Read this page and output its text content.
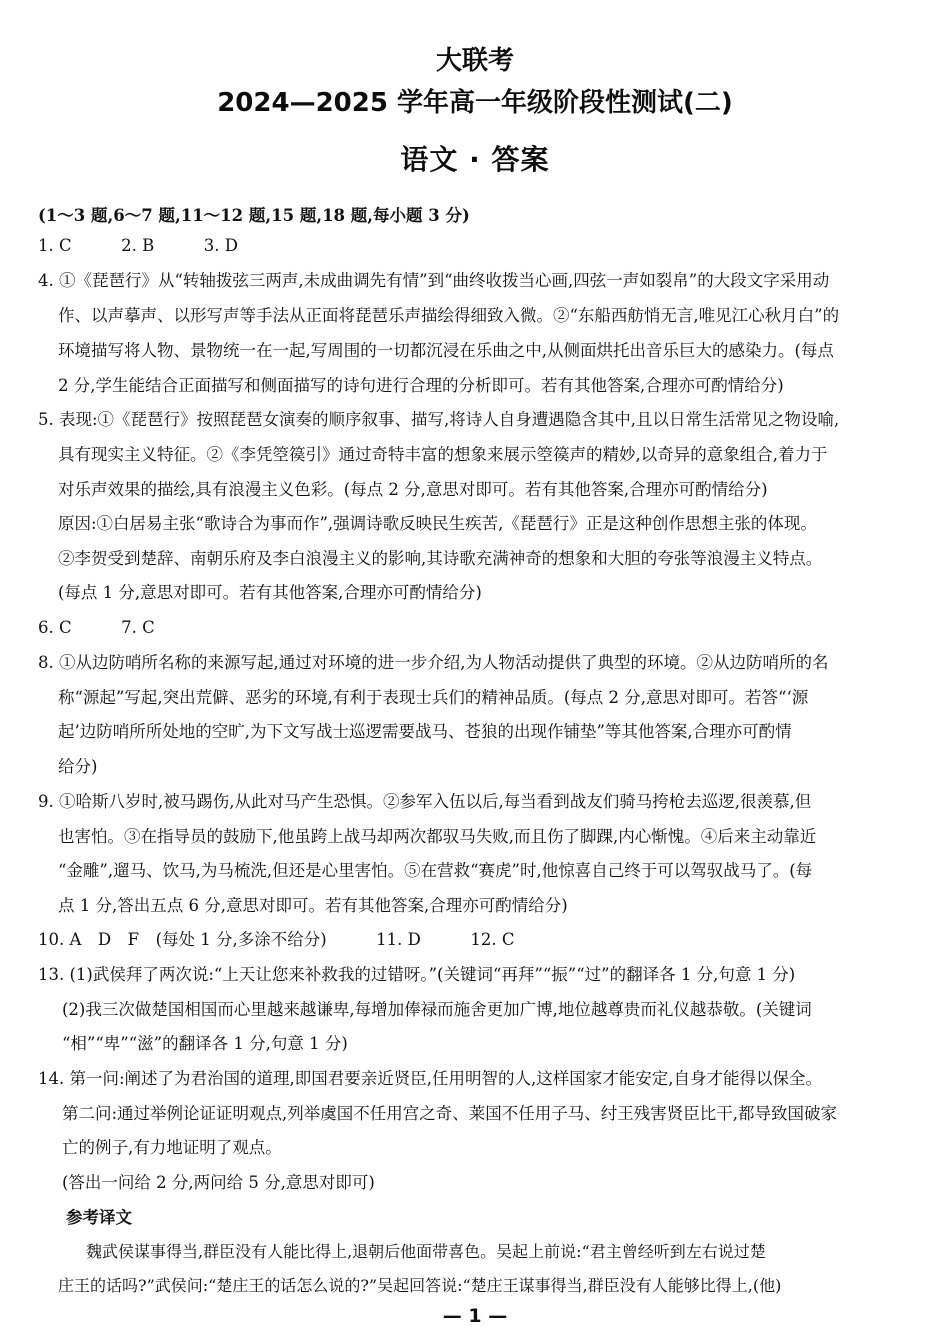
大联考
2024—2025 学年高一年级阶段性测试(二)
语文 · 答案
(1～3 题,6～7 题,11～12 题,15 题,18 题,每小题 3 分)
1. C　　　2. B　　　3. D
4. ①《琵琶行》从“转轴拨弦三两声,未成曲调先有情”到“曲终收拨当心画,四弦一声如裂帛”的大段文字采用动
作、以声摹声、以形写声等手法从正面将琵琶乐声描绘得细致入微。②“东船西舫悄无言,唯见江心秋月白”的
环境描写将人物、景物统一在一起,写周围的一切都沉浸在乐曲之中,从侧面烘托出音乐巨大的感染力。(每点
2 分,学生能结合正面描写和侧面描写的诗句进行合理的分析即可。若有其他答案,合理亦可酌情给分)
5. 表现:①《琵琶行》按照琵琶女演奏的顺序叙事、描写,将诗人自身遭遇隐含其中,且以日常生活常见之物设喻,
具有现实主义特征。②《李凭箜篌引》通过奇特丰富的想象来展示箜篌声的精妙,以奇异的意象组合,着力于
对乐声效果的描绘,具有浪漫主义色彩。(每点 2 分,意思对即可。若有其他答案,合理亦可酌情给分)
原因:①白居易主张“歌诗合为事而作”,强调诗歌反映民生疾苦,《琵琶行》正是这种创作思想主张的体现。
②李贺受到楚辞、南朝乐府及李白浪漫主义的影响,其诗歌充满神奇的想象和大胆的夸张等浪漫主义特点。
(每点 1 分,意思对即可。若有其他答案,合理亦可酌情给分)
6. C　　　7. C
8. ①从边防哨所名称的来源写起,通过对环境的进一步介绍,为人物活动提供了典型的环境。②从边防哨所的名
称“源起”写起,突出荒僻、恶劣的环境,有利于表现士兵们的精神品质。(每点 2 分,意思对即可。若答“‘源
起’边防哨所所处地的空旷,为下文写战士巡逻需要战马、苍狼的出现作铺垫”等其他答案,合理亦可酌情
给分)
9. ①哈斯八岁时,被马踢伤,从此对马产生恐惧。②参军入伍以后,每当看到战友们骑马挎枪去巡逻,很羡慕,但
也害怕。③在指导员的鼓励下,他虽跨上战马却两次都驭马失败,而且伤了脚踝,内心惭愧。④后来主动靠近
“金雕”,遛马、饮马,为马梳洗,但还是心里害怕。⑤在营救“赛虎”时,他惊喜自己终于可以驾驭战马了。(每
点 1 分,答出五点 6 分,意思对即可。若有其他答案,合理亦可酌情给分)
10. A　D　F　(每处 1 分,多涂不给分)　　　11. D　　　12. C
13. (1)武侯拜了两次说:“上天让您来补救我的过错呀。”(关键词“再拜”“振”“过”的翻译各 1 分,句意 1 分)
(2)我三次做楚国相国而心里越来越谦卑,每增加俸禄而施舍更加广博,地位越尊贵而礼仪越恭敬。(关键词
“相”“卑”“滋”的翻译各 1 分,句意 1 分)
14. 第一问:阐述了为君治国的道理,即国君要亲近贤臣,任用明智的人,这样国家才能安定,自身才能得以保全。
第二问:通过举例论证证明观点,列举虞国不任用宫之奇、莱国不任用子马、纣王残害贤臣比干,都导致国破家
亡的例子,有力地证明了观点。
(答出一问给 2 分,两问给 5 分,意思对即可)
参考译文
魏武侯谋事得当,群臣没有人能比得上,退朝后他面带喜色。吴起上前说:“君主曾经听到左右说过楚
庄王的话吗?”武侯问:“楚庄王的话怎么说的?”吴起回答说:“楚庄王谋事得当,群臣没有人能够比得上,(他)
— 1 —
